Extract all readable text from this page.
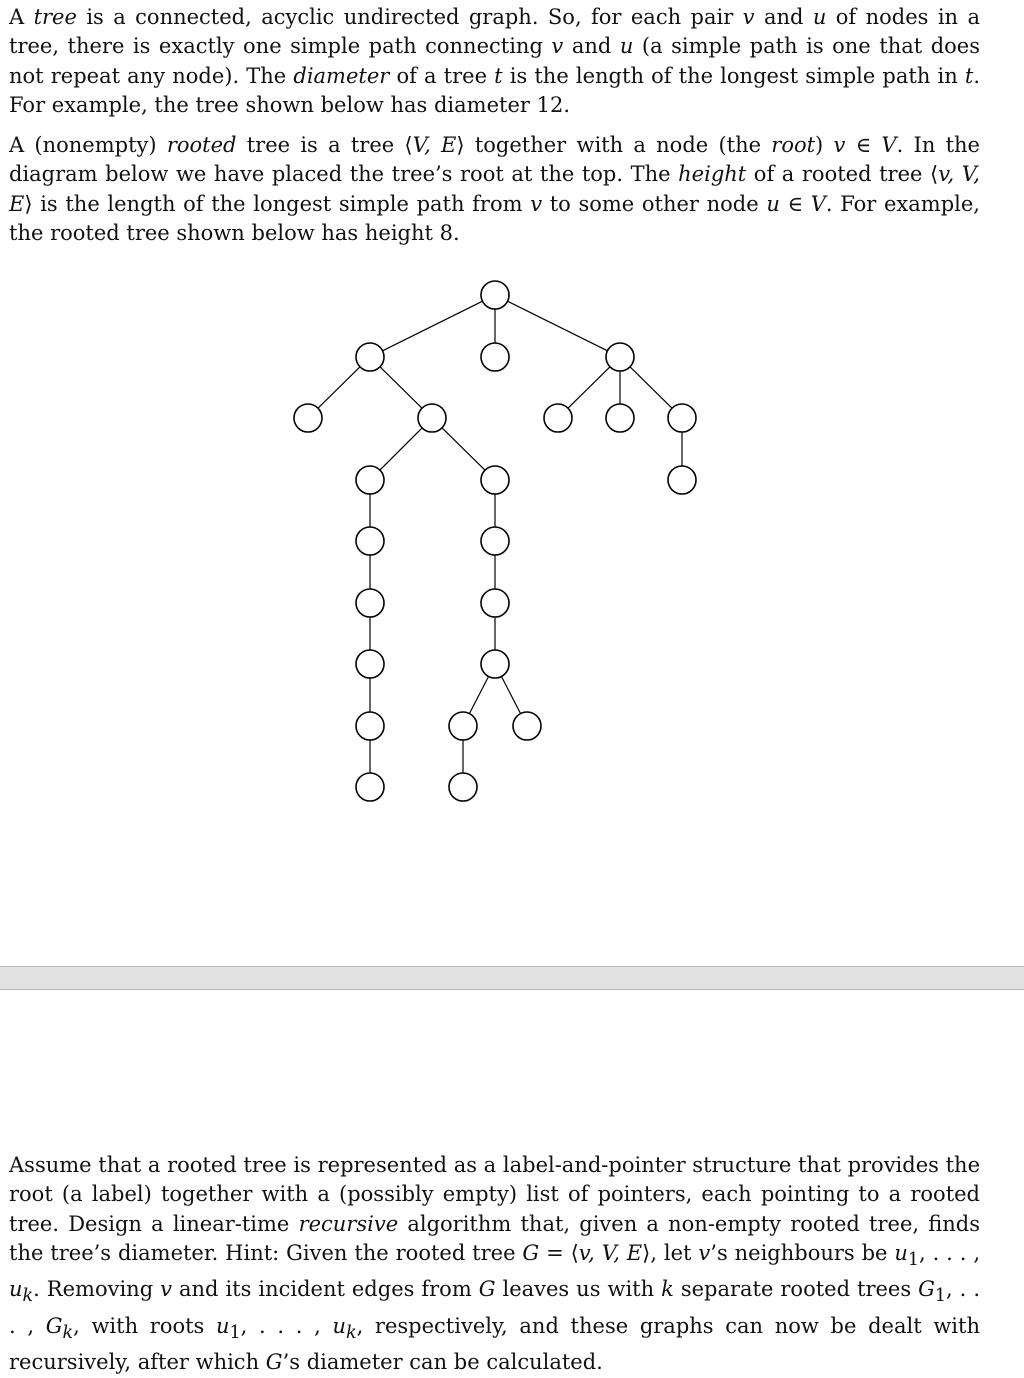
A tree is a connected, acyclic undirected graph. So, for each pair v and u of nodes in a tree, there is exactly one simple path connecting v and u (a simple path is one that does not repeat any node). The diameter of a tree t is the length of the longest simple path in t. For example, the tree shown below has diameter 12.

A (nonempty) rooted tree is a tree ⟨V, E⟩ together with a node (the root) v ∈ V. In the diagram below we have placed the tree’s root at the top. The height of a rooted tree ⟨v, V, E⟩ is the length of the longest simple path from v to some other node u ∈ V. For example, the rooted tree shown below has height 8.

Assume that a rooted tree is represented as a label-and-pointer structure that provides the root (a label) together with a (possibly empty) list of pointers, each pointing to a rooted tree. Design a linear-time recursive algorithm that, given a non-empty rooted tree, finds the tree’s diameter. Hint: Given the rooted tree G = ⟨v, V, E⟩, let v’s neighbours be $u_1$, . . . , $u_k$. Removing v and its incident edges from G leaves us with k separate rooted trees $G_1$, . . . , $G_k$, with roots $u_1$, . . . , $u_k$, respectively, and these graphs can now be dealt with recursively, after which G’s diameter can be calculated.
